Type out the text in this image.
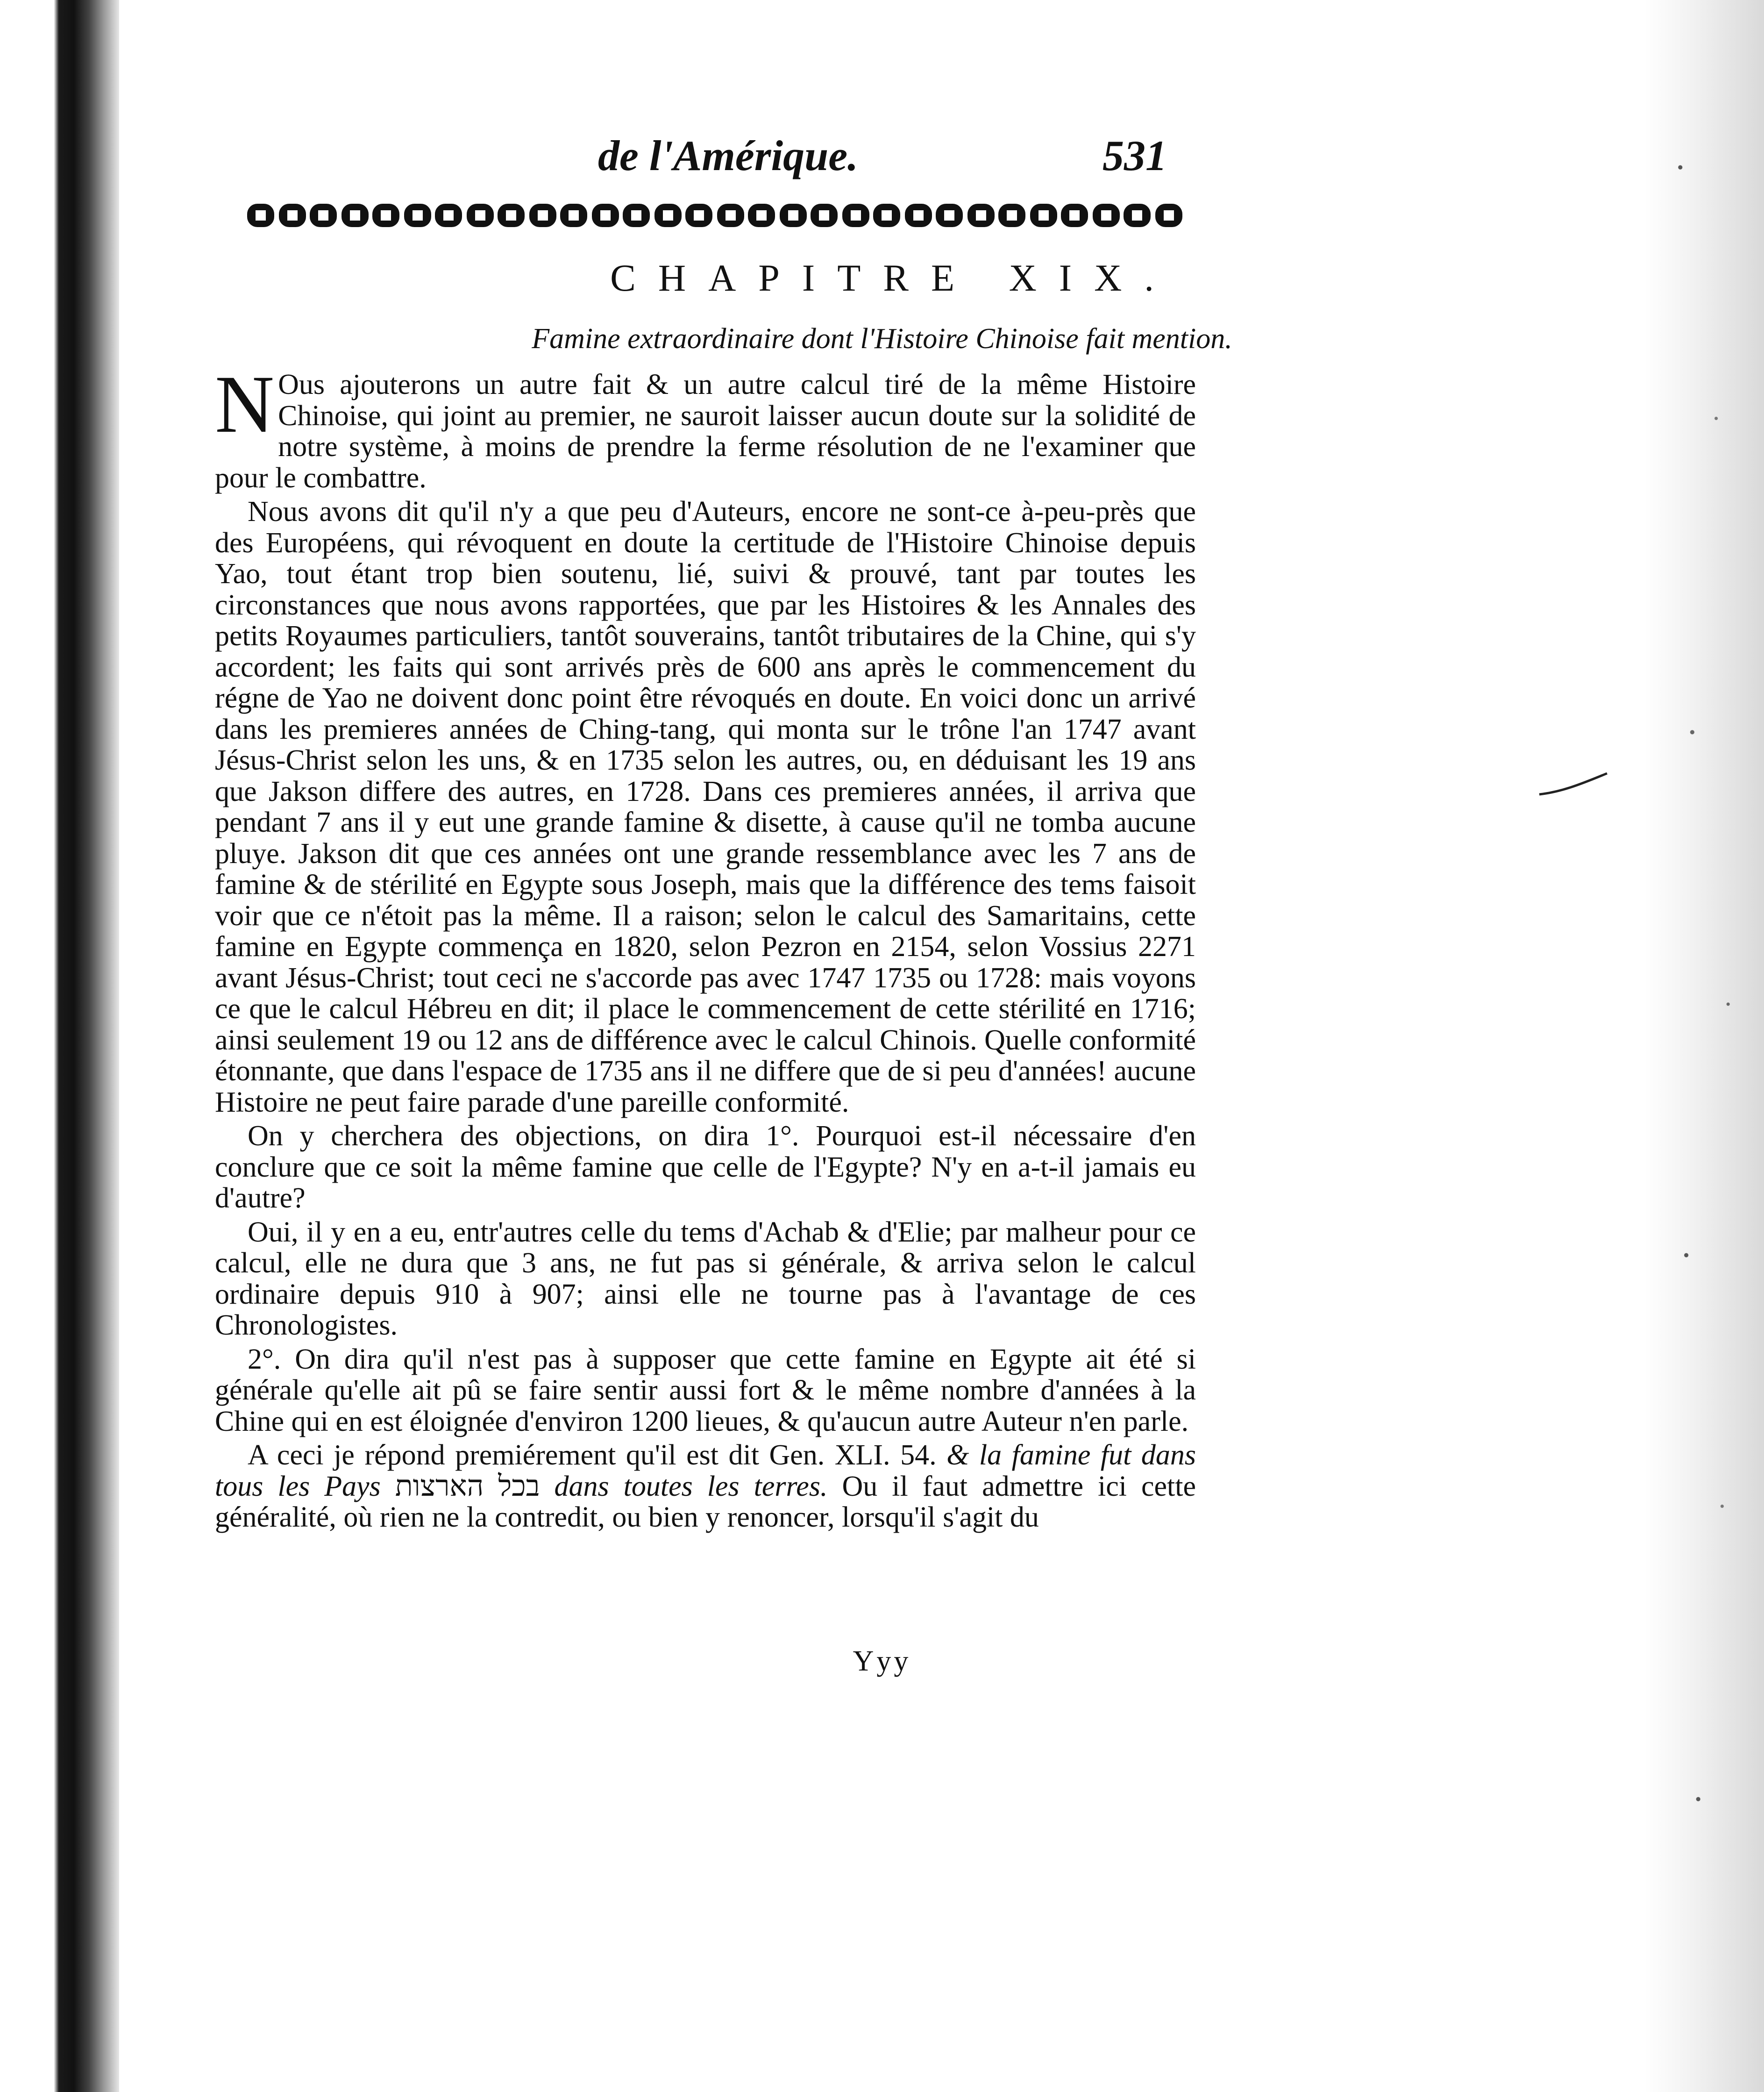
de l'Amérique.	531
CHAPITRE XIX.
Famine extraordinaire dont l'Histoire Chinoise fait mention.

N Ous ajouterons un autre fait & un autre calcul tiré de la même Histoire Chinoise, qui joint au premier, ne sauroit laisser aucun doute sur la solidité de notre système, à moins de prendre la ferme résolution de ne l'examiner que pour le combattre.

Nous avons dit qu'il n'y a que peu d'Auteurs, encore ne sont-ce à-peu-près que des Européens, qui révoquent en doute la certitude de l'Histoire Chinoise depuis Yao, tout étant trop bien soutenu, lié, suivi & prouvé, tant par toutes les circonstances que nous avons rapportées, que par les Histoires & les Annales des petits Royaumes particuliers, tantôt souverains, tantôt tributaires de la Chine, qui s'y accordent; les faits qui sont arrivés près de 600 ans après le commencement du régne de Yao ne doivent donc point être révoqués en doute. En voici donc un arrivé dans les premieres années de Ching-tang, qui monta sur le trône l'an 1747 avant Jésus-Christ selon les uns, & en 1735 selon les autres, ou, en déduisant les 19 ans que Jakson differe des autres, en 1728. Dans ces premieres années, il arriva que pendant 7 ans il y eut une grande famine & disette, à cause qu'il ne tomba aucune pluye. Jakson dit que ces années ont une grande ressemblance avec les 7 ans de famine & de stérilité en Egypte sous Joseph, mais que la différence des tems faisoit voir que ce n'étoit pas la même. Il a raison; selon le calcul des Samaritains, cette famine en Egypte commença en 1820, selon Pezron en 2154, selon Vossius 2271 avant Jésus-Christ; tout ceci ne s'accorde pas avec 1747 1735 ou 1728: mais voyons ce que le calcul Hébreu en dit; il place le commencement de cette stérilité en 1716; ainsi seulement 19 ou 12 ans de différence avec le calcul Chinois. Quelle conformité étonnante, que dans l'espace de 1735 ans il ne differe que de si peu d'années! aucune Histoire ne peut faire parade d'une pareille conformité.

On y cherchera des objections, on dira 1°. Pourquoi est-il nécessaire d'en conclure que ce soit la même famine que celle de l'Egypte? N'y en a-t-il jamais eu d'autre?

Oui, il y en a eu, entr'autres celle du tems d'Achab & d'Elie; par malheur pour ce calcul, elle ne dura que 3 ans, ne fut pas si générale, & arriva selon le calcul ordinaire depuis 910 à 907; ainsi elle ne tourne pas à l'avantage de ces Chronologistes.

2°. On dira qu'il n'est pas à supposer que cette famine en Egypte ait été si générale qu'elle ait pû se faire sentir aussi fort & le même nombre d'années à la Chine qui en est éloignée d'environ 1200 lieues, & qu'aucun autre Auteur n'en parle.

A ceci je répond premiérement qu'il est dit Gen. XLI. 54. & la famine fut dans tous les Pays בכל הארצות dans toutes les terres. Ou il faut admettre ici cette généralité, où rien ne la contredit, ou bien y renoncer, lorsqu'il s'agit du

Yyy
